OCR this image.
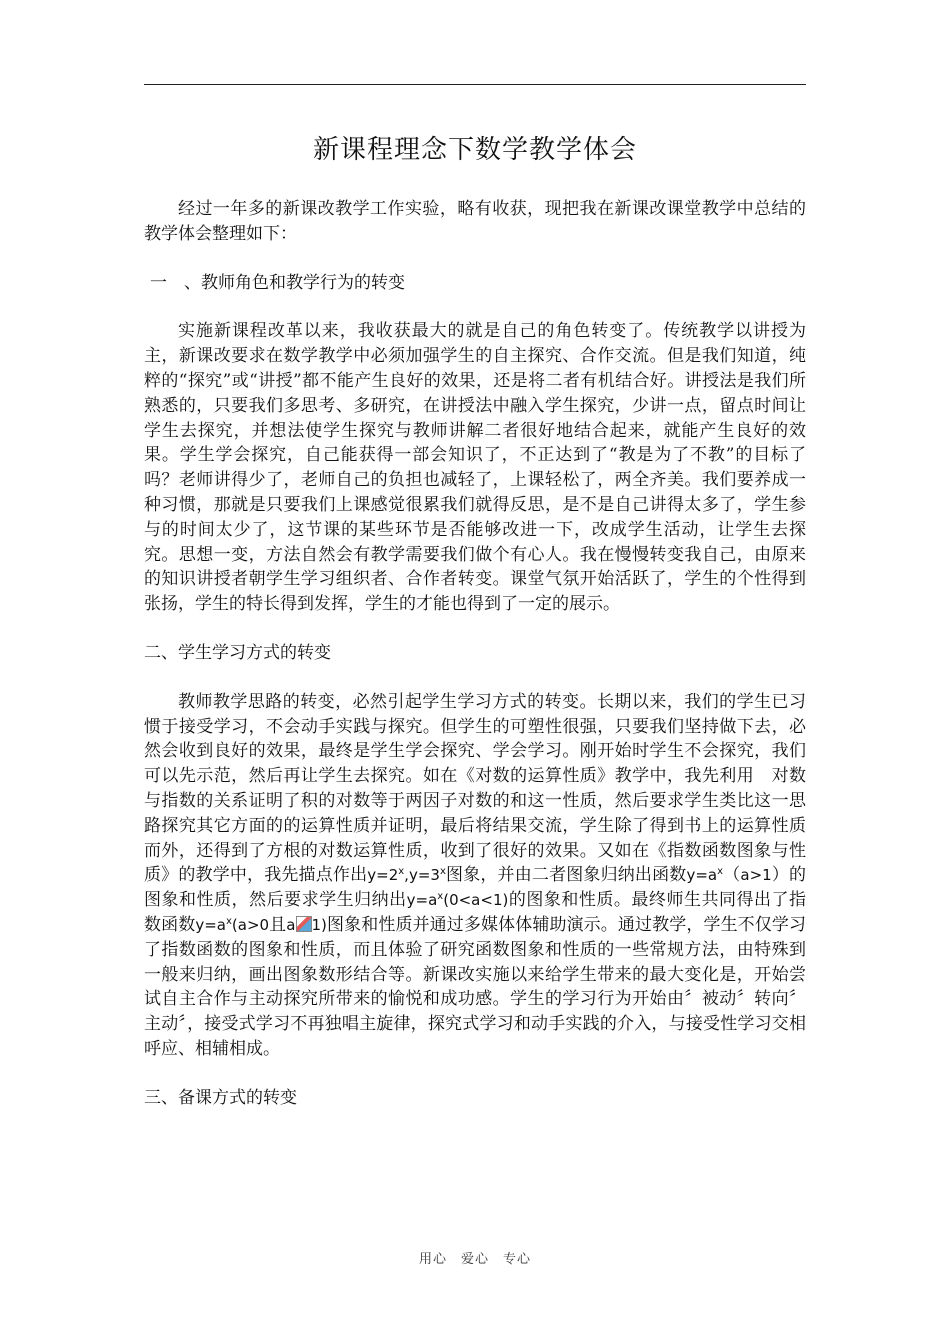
新课程理念下数学教学体会

经过一年多的新课改教学工作实验，略有收获，现把我在新课改课堂教学中总结的教学体会整理如下：

一　、教师角色和教学行为的转变

实施新课程改革以来，我收获最大的就是自己的角色转变了。传统教学以讲授为主，新课改要求在数学教学中必须加强学生的自主探究、合作交流。但是我们知道，纯粹的“探究”或“讲授”都不能产生良好的效果，还是将二者有机结合好。讲授法是我们所熟悉的，只要我们多思考、多研究，在讲授法中融入学生探究，少讲一点，留点时间让学生去探究，并想法使学生探究与教师讲解二者很好地结合起来，就能产生良好的效果。学生学会探究，自己能获得一部会知识了，不正达到了“教是为了不教”的目标了吗？老师讲得少了，老师自己的负担也减轻了，上课轻松了，两全齐美。我们要养成一种习惯，那就是只要我们上课感觉很累我们就得反思，是不是自己讲得太多了，学生参与的时间太少了，这节课的某些环节是否能够改进一下，改成学生活动，让学生去探究。思想一变，方法自然会有教学需要我们做个有心人。我在慢慢转变我自己，由原来的知识讲授者朝学生学习组织者、合作者转变。课堂气氛开始活跃了，学生的个性得到张扬，学生的特长得到发挥，学生的才能也得到了一定的展示。

二、学生学习方式的转变

教师教学思路的转变，必然引起学生学习方式的转变。长期以来，我们的学生已习惯于接受学习，不会动手实践与探究。但学生的可塑性很强，只要我们坚持做下去，必然会收到良好的效果，最终是学生学会探究、学会学习。刚开始时学生不会探究，我们可以先示范，然后再让学生去探究。如在《对数的运算性质》教学中，我先利用　对数与指数的关系证明了积的对数等于两因子对数的和这一性质，然后要求学生类比这一思路探究其它方面的的运算性质并证明，最后将结果交流，学生除了得到书上的运算性质而外，还得到了方根的对数运算性质，收到了很好的效果。又如在《指数函数图象与性质》的教学中，我先描点作出$y=2^x,y=3^x$图象，并由二者图象归纳出函数$y=a^x(a>1)$的图象和性质，然后要求学生归纳出$y=a^x(0<a<1)$的图象和性质。最终师生共同得出了指数函数$y=a^x(a>0$且a 1)图象和性质并通过多媒体体辅助演示。通过教学，学生不仅学习了指数函数的图象和性质，而且体验了研究函数图象和性质的一些常规方法，由特殊到一般来归纳，画出图象数形结合等。新课改实施以来给学生带来的最大变化是，开始尝试自主合作与主动探究所带来的愉悦和成功感。学生的学习行为开始由〞被动〞转向〞主动〞，接受式学习不再独唱主旋律，探究式学习和动手实践的介入，与接受性学习交相呼应、相辅相成。

三、备课方式的转变

用心　爱心　专心
